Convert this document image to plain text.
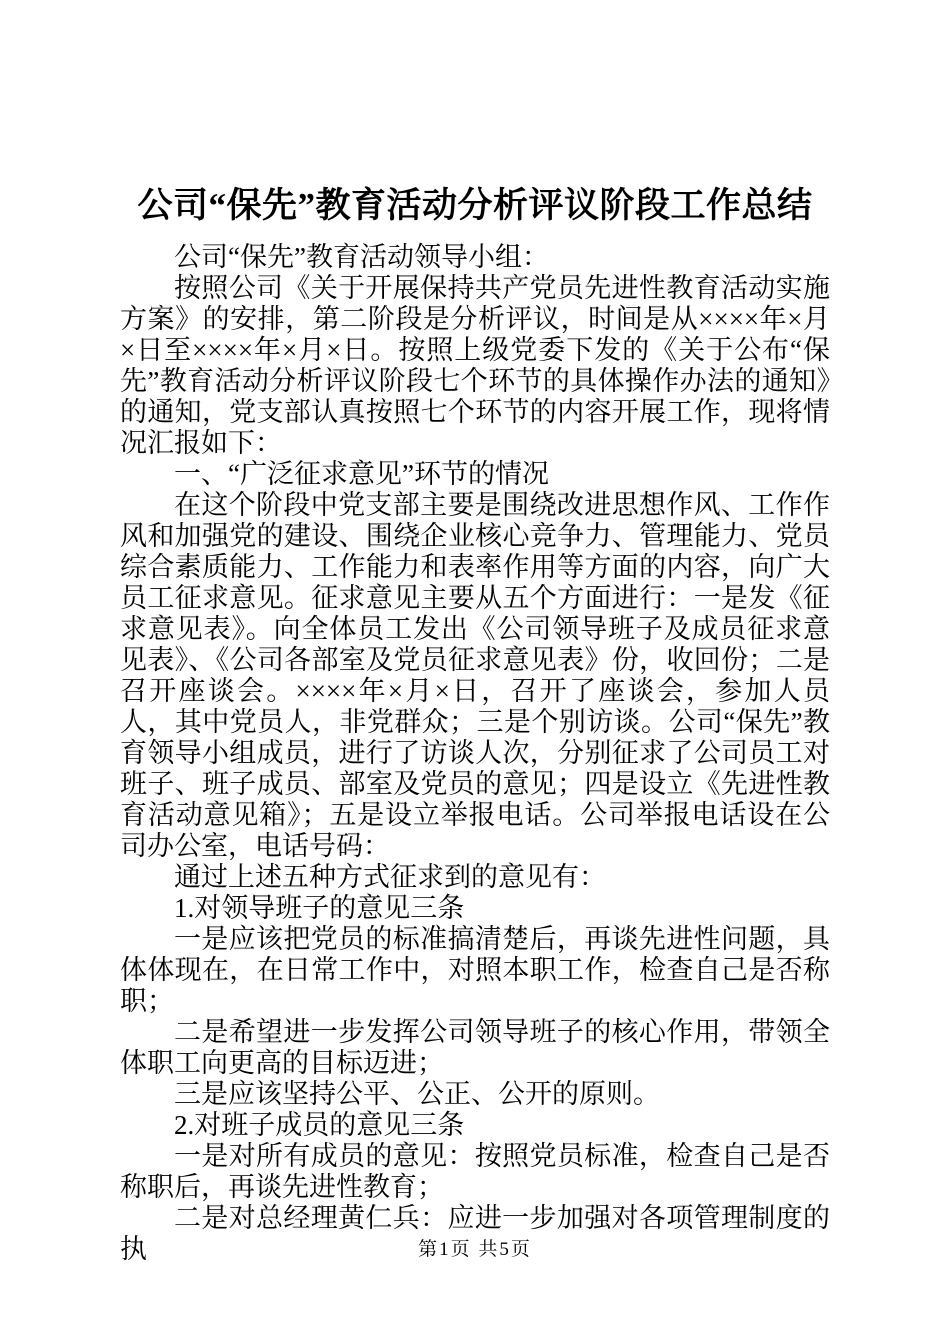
公司“保先”教育活动分析评议阶段工作总结

公司“保先”教育活动领导小组：

按照公司《关于开展保持共产党员先进性教育活动实施方案》的安排，第二阶段是分析评议，时间是从××××年×月×日至××××年×月×日。按照上级党委下发的《关于公布“保先”教育活动分析评议阶段七个环节的具体操作办法的通知》的通知，党支部认真按照七个环节的内容开展工作，现将情况汇报如下：

一、“广泛征求意见”环节的情况

在这个阶段中党支部主要是围绕改进思想作风、工作作风和加强党的建设、围绕企业核心竞争力、管理能力、党员综合素质能力、工作能力和表率作用等方面的内容，向广大员工征求意见。征求意见主要从五个方面进行：一是发《征求意见表》。向全体员工发出《公司领导班子及成员征求意见表》、《公司各部室及党员征求意见表》份，收回份；二是召开座谈会。××××年×月×日，召开了座谈会，参加人员人，其中党员人，非党群众；三是个别访谈。公司“保先”教育领导小组成员，进行了访谈人次，分别征求了公司员工对班子、班子成员、部室及党员的意见；四是设立《先进性教育活动意见箱》；五是设立举报电话。公司举报电话设在公司办公室，电话号码：

通过上述五种方式征求到的意见有：

1.对领导班子的意见三条

一是应该把党员的标准搞清楚后，再谈先进性问题，具体体现在，在日常工作中，对照本职工作，检查自己是否称职；

二是希望进一步发挥公司领导班子的核心作用，带领全体职工向更高的目标迈进；

三是应该坚持公平、公正、公开的原则。

2.对班子成员的意见三条

一是对所有成员的意见：按照党员标准，检查自己是否称职后，再谈先进性教育；

二是对总经理黄仁兵：应进一步加强对各项管理制度的执	第1页 共5页
